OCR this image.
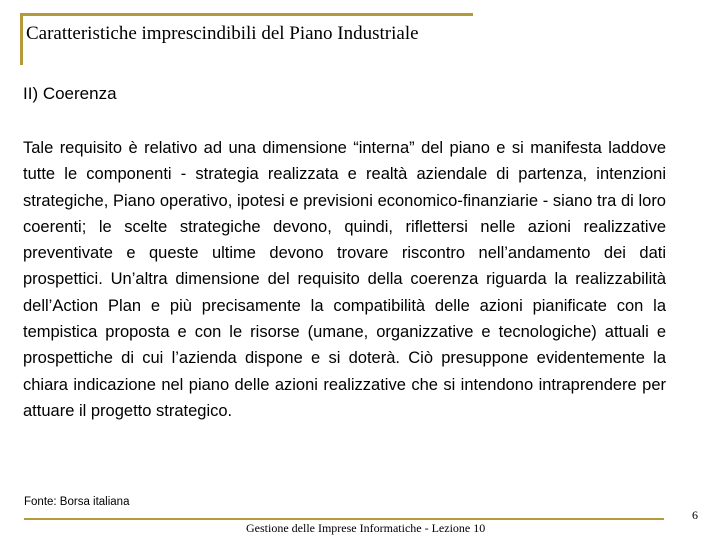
Caratteristiche imprescindibili del Piano Industriale
II) Coerenza

Tale requisito è relativo ad una dimensione “interna” del piano e si manifesta laddove tutte le componenti - strategia realizzata e realtà aziendale di partenza, intenzioni strategiche, Piano operativo, ipotesi e previsioni economico-finanziarie - siano tra di loro coerenti; le scelte strategiche devono, quindi, riflettersi nelle azioni realizzative preventivate e queste ultime devono trovare riscontro nell’andamento dei dati prospettici. Un’altra dimensione del requisito della coerenza riguarda la realizzabilità dell’Action Plan e più precisamente la compatibilità delle azioni pianificate con la tempistica proposta e con le risorse (umane, organizzative e tecnologiche) attuali e prospettiche di cui l’azienda dispone e si doterà. Ciò presuppone evidentemente la chiara indicazione nel piano delle azioni realizzative che si intendono intraprendere per attuare il progetto strategico.

Fonte: Borsa italiana
Gestione delle Imprese Informatiche - Lezione 10
6
